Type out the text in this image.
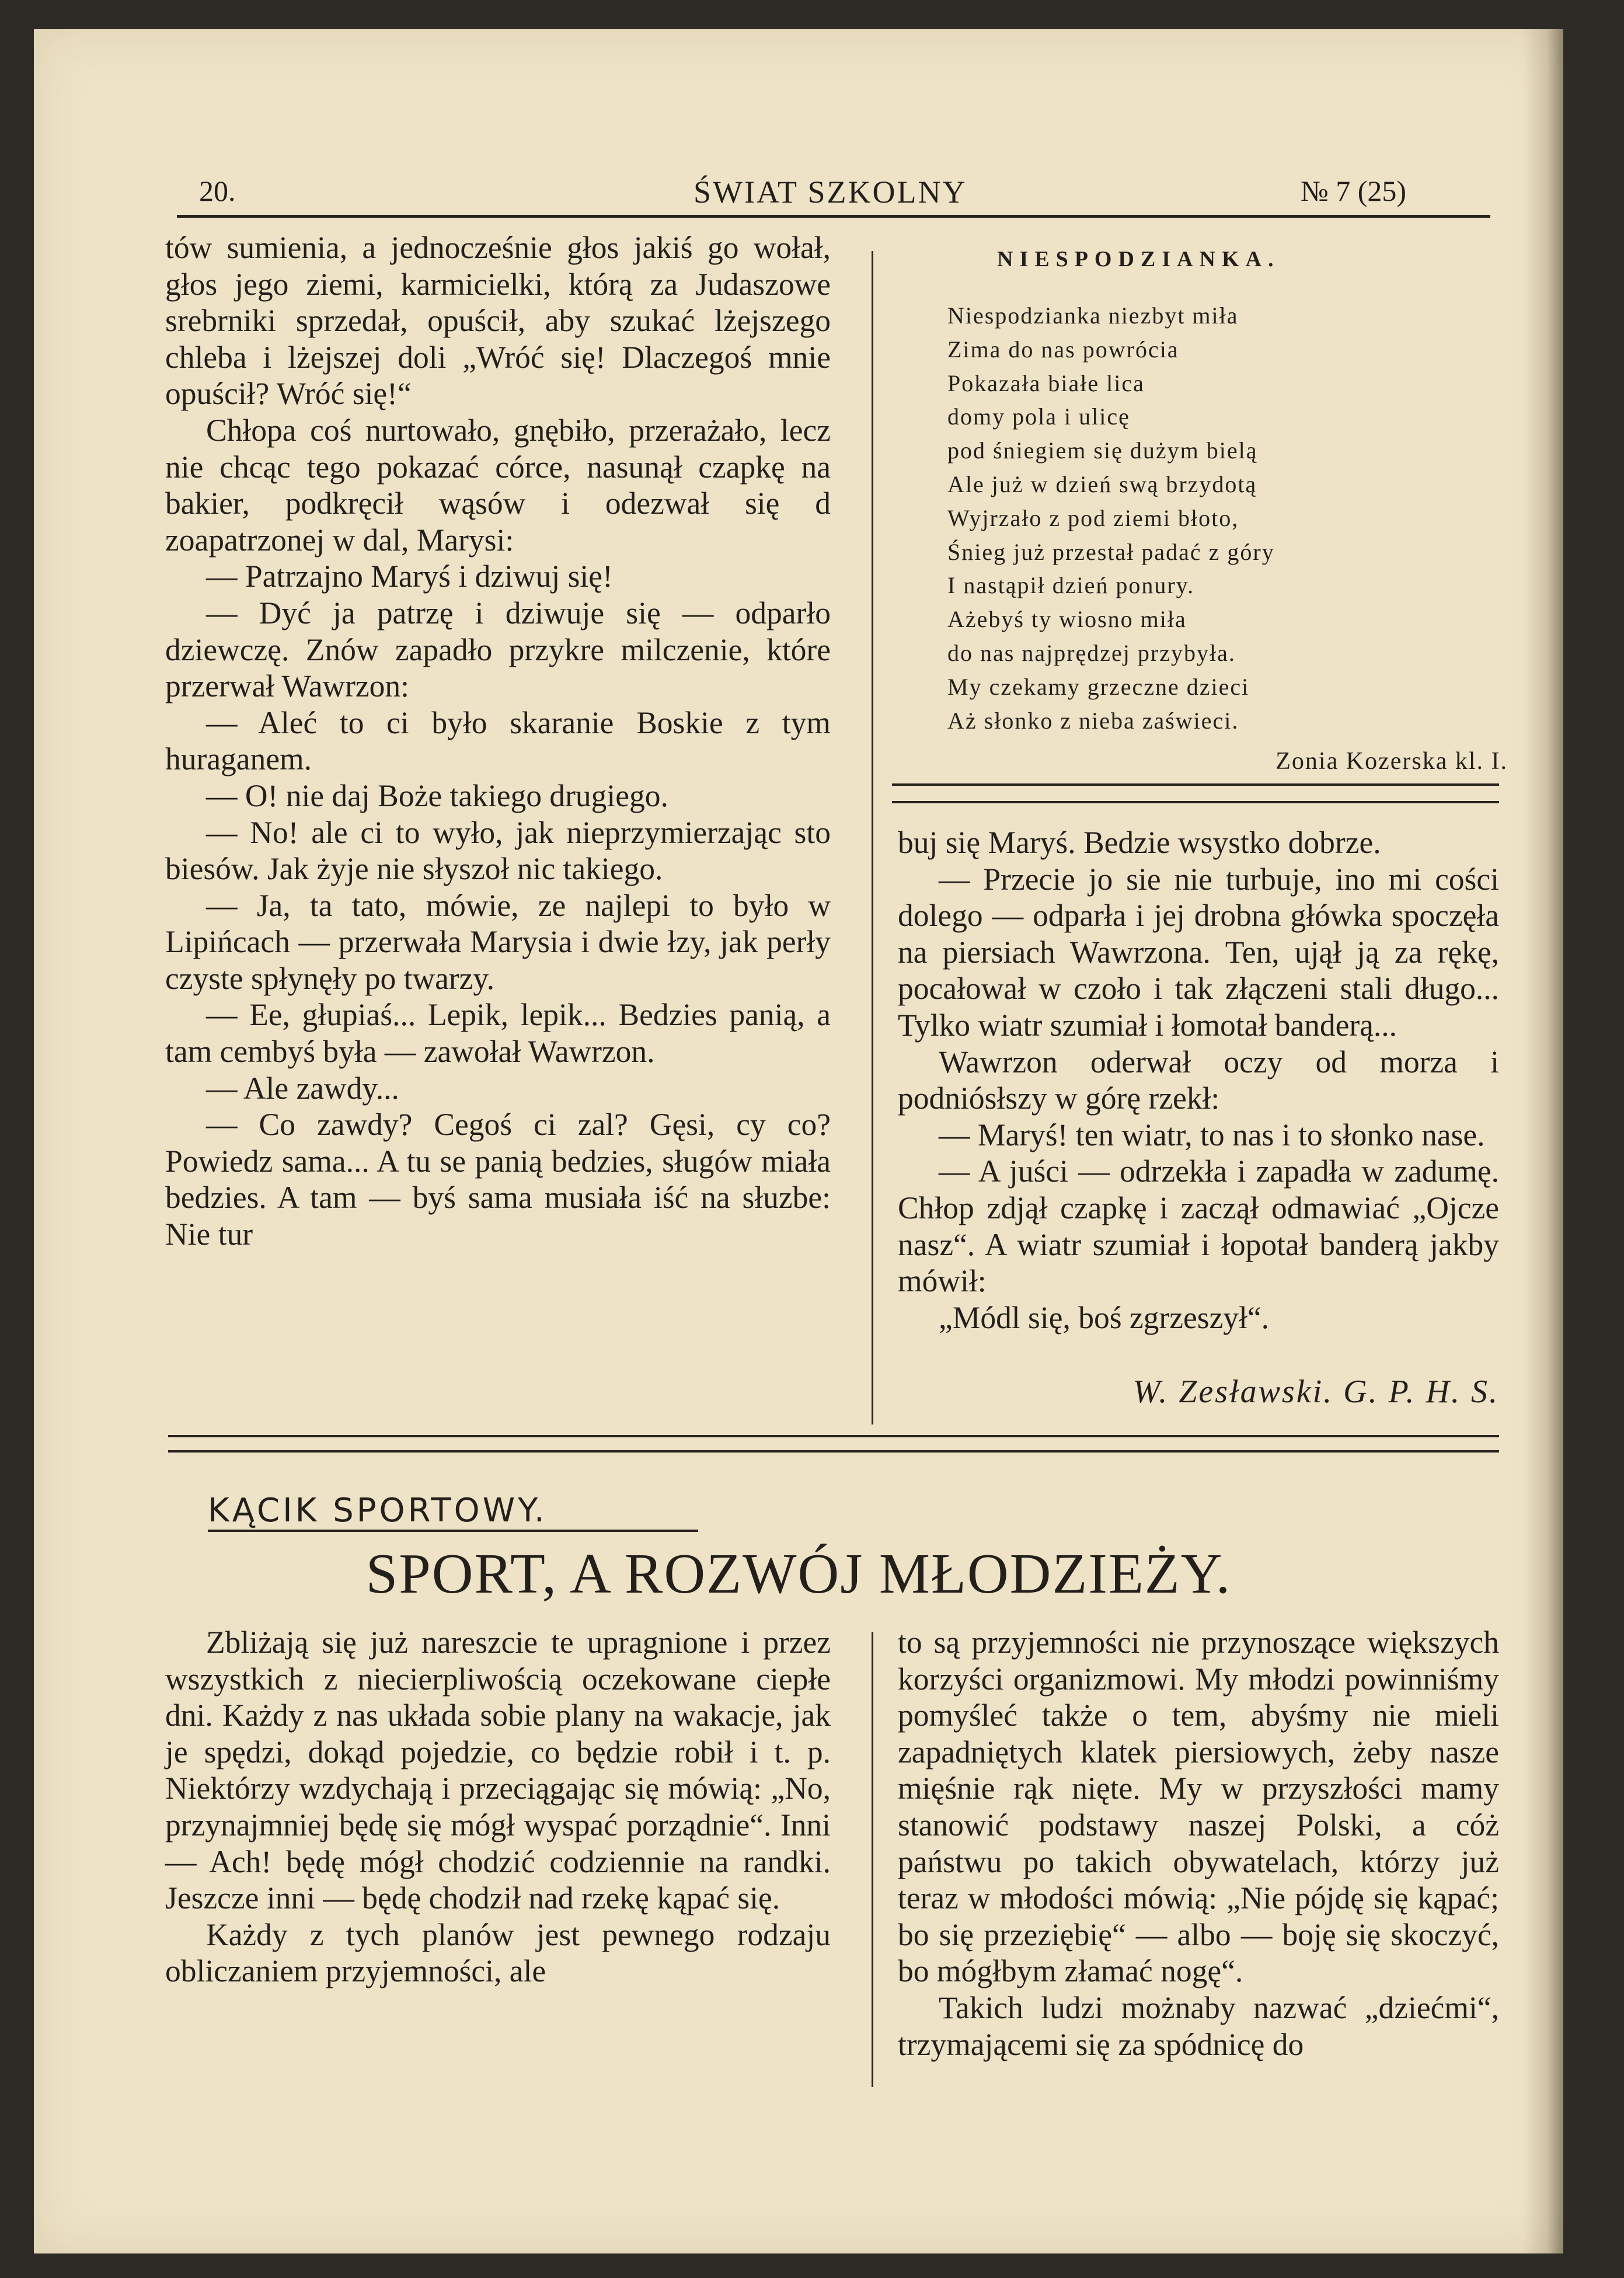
20.	ŚWIAT SZKOLNY	№ 7 (25)

tów sumienia, a jednocześnie głos jakiś go wołał, głos jego ziemi, karmicielki, którą za Judaszowe srebrniki sprzedał, opuścił, aby szukać lżejszego chleba i lżejszej doli „Wróć się! Dlaczegoś mnie opuścił? Wróć się!“

Chłopa coś nurtowało, gnębiło, przerażało, lecz nie chcąc tego pokazać córce, nasunął czapkę na bakier, podkręcił wąsów i odezwał się d zoapatrzonej w dal, Marysi:

— Patrzajno Maryś i dziwuj się!

— Dyć ja patrzę i dziwuje się — odparło dziewczę. Znów zapadło przykre milczenie, które przerwał Wawrzon:

— Aleć to ci było skaranie Boskie z tym huraganem.

— O! nie daj Boże takiego drugiego.

— No! ale ci to wyło, jak nieprzymierzając sto biesów. Jak żyje nie słyszoł nic takiego.

— Ja, ta tato, mówie, ze najlepi to było w Lipińcach — przerwała Marysia i dwie łzy, jak perły czyste spłynęły po twarzy.

— Ee, głupiaś... Lepik, lepik... Bedzies panią, a tam cembyś była — zawołał Wawrzon.

— Ale zawdy...

— Co zawdy? Cegoś ci zal? Gęsi, cy co? Powiedz sama... A tu se panią bedzies, sługów miała bedzies. A tam — byś sama musiała iść na słuzbe: Nie tur

NIESPODZIANKA.
Niespodzianka niezbyt miła
Zima do nas powrócia
Pokazała białe lica
domy pola i ulicę
pod śniegiem się dużym bielą
Ale już w dzień swą brzydotą
Wyjrzało z pod ziemi błoto,
Śnieg już przestał padać z góry
I nastąpił dzień ponury.
Ażebyś ty wiosno miła
do nas najprędzej przybyła.
My czekamy grzeczne dzieci
Aż słonko z nieba zaświeci.
Zonia Kozerska kl. I.

buj się Maryś. Bedzie wsystko dobrze.

— Przecie jo sie nie turbuje, ino mi cości dolego — odparła i jej drobna główka spoczęła na piersiach Wawrzona. Ten, ujął ją za rękę, pocałował w czoło i tak złączeni stali długo... Tylko wiatr szumiał i łomotał banderą...

Wawrzon oderwał oczy od morza i podniósłszy w górę rzekł:

— Maryś! ten wiatr, to nas i to słonko nase.

— A juści — odrzekła i zapadła w zadumę. Chłop zdjął czapkę i zaczął odmawiać „Ojcze nasz“. A wiatr szumiał i łopotał banderą jakby mówił:

„Módl się, boś zgrzeszył“.

W. Zesławski. G. P. H. S.
KĄCIK SPORTOWY.
SPORT, A ROZWÓJ MŁODZIEŻY.

Zbliżają się już nareszcie te upragnione i przez wszystkich z niecierpliwością oczekowane ciepłe dni. Każdy z nas układa sobie plany na wakacje, jak je spędzi, dokąd pojedzie, co będzie robił i t. p. Niektórzy wzdychają i przeciągając się mówią: „No, przynajmniej będę się mógł wyspać porządnie“. Inni — Ach! będę mógł chodzić codziennie na randki. Jeszcze inni — będę chodził nad rzekę kąpać się.

Każdy z tych planów jest pewnego rodzaju obliczaniem przyjemności, ale

to są przyjemności nie przynoszące większych korzyści organizmowi. My młodzi powinniśmy pomyśleć także o tem, abyśmy nie mieli zapadniętych klatek piersiowych, żeby nasze mięśnie rąk nięte. My w przyszłości mamy stanowić podstawy naszej Polski, a cóż państwu po takich obywatelach, którzy już teraz w młodości mówią: „Nie pójdę się kąpać; bo się przeziębię“ — albo — boję się skoczyć, bo mógłbym złamać nogę“.

Takich ludzi możnaby nazwać „dziećmi“, trzymającemi się za spódnicę do
